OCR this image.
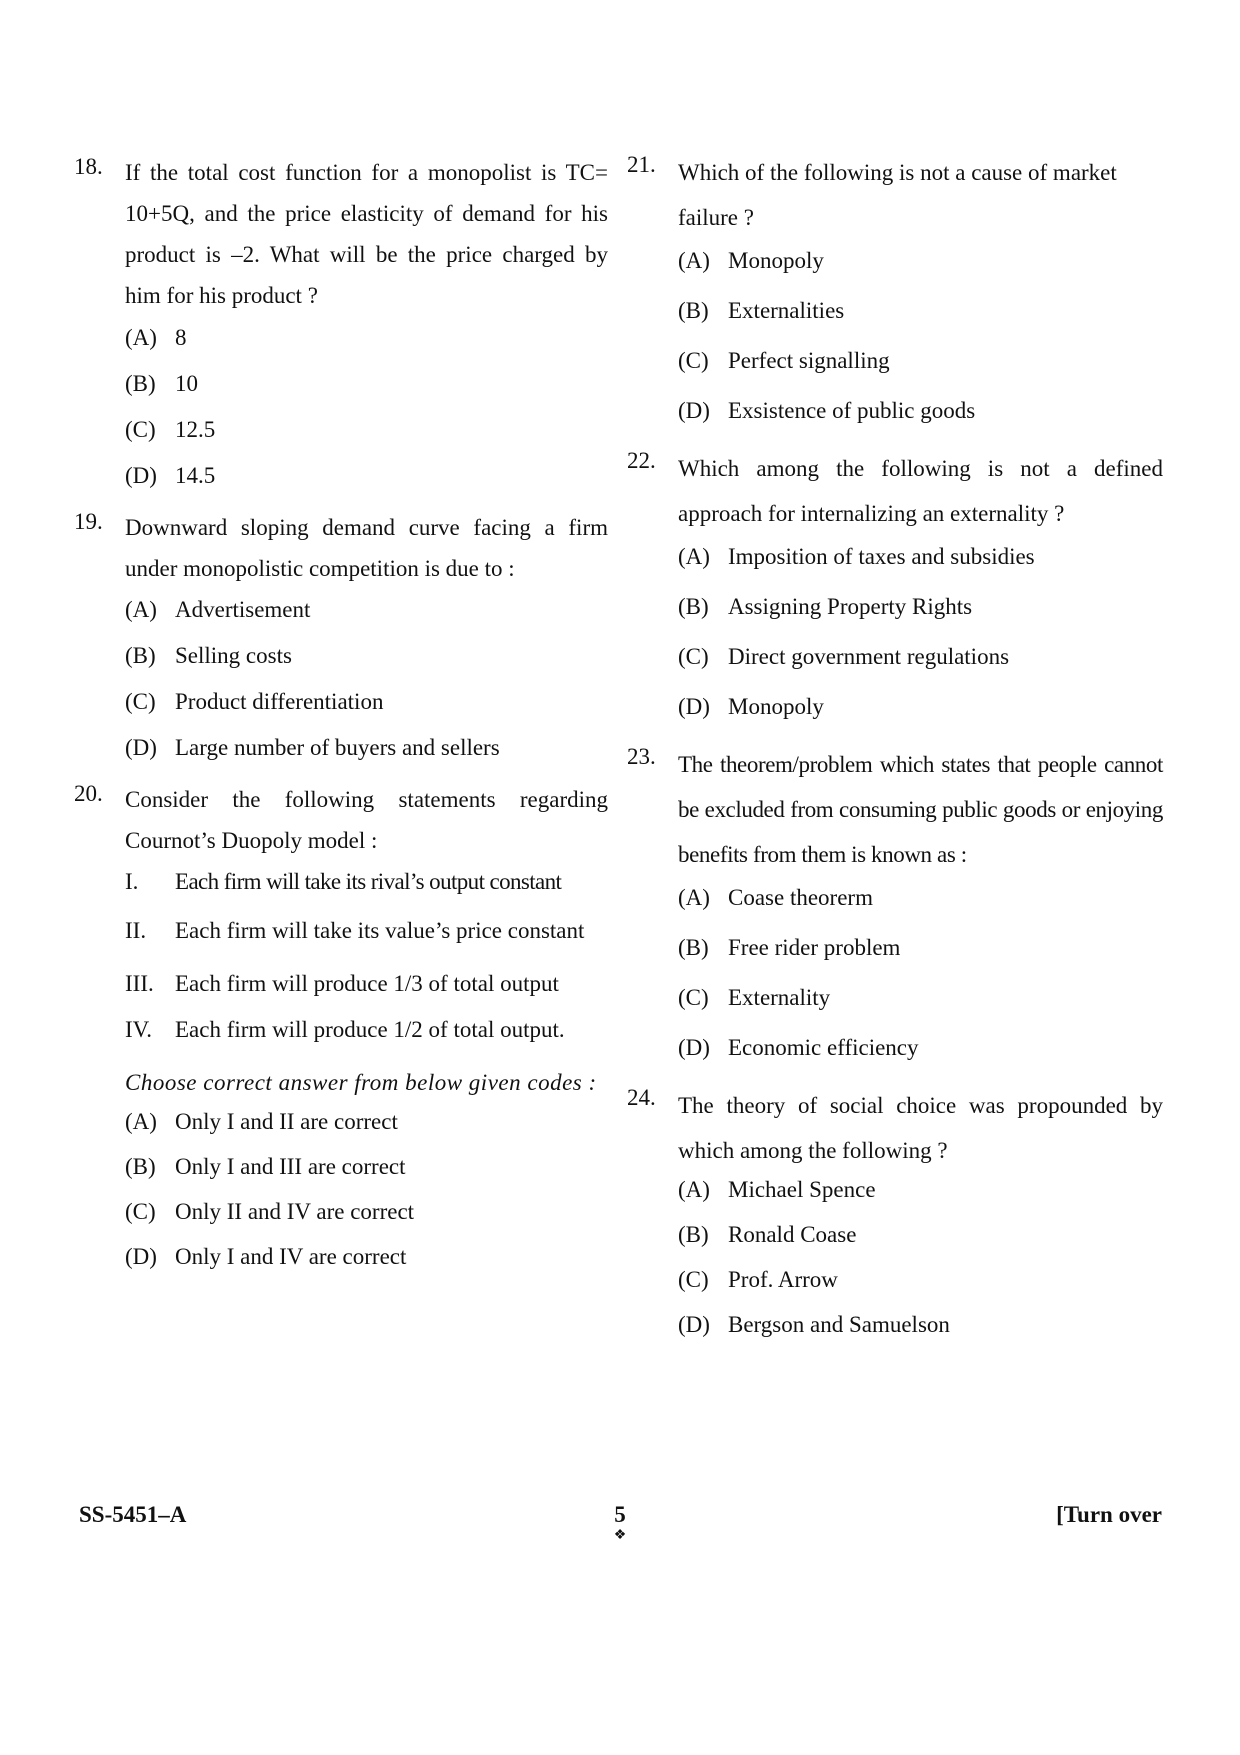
18. If the total cost function for a monopolist is TC= 10+5Q, and the price elasticity of demand for his product is –2. What will be the price charged by him for his product ?

(A) 8
(B) 10
(C) 12.5
(D) 14.5
19. Downward sloping demand curve facing a firm under monopolistic competition is due to :

(A) Advertisement
(B) Selling costs
(C) Product differentiation
(D) Large number of buyers and sellers
20. Consider the following statements regarding Cournot’s Duopoly model :

I.	Each firm will take its rival’s output constant
II.	Each firm will take its value’s price constant
III. Each firm will produce 1/3 of total output
IV. Each firm will produce 1/2 of total output.

Choose correct answer from below given codes :

(A) Only I and II are correct
(B) Only I and III are correct
(C) Only II and IV are correct
(D) Only I and IV are correct
21. Which of the following is not a cause of market failure ?

(A) Monopoly
(B) Externalities
(C) Perfect signalling
(D) Exsistence of public goods
22. Which among the following is not a defined approach for internalizing an externality ?

(A) Imposition of taxes and subsidies
(B) Assigning Property Rights
(C) Direct government regulations
(D) Monopoly
23. The theorem/problem which states that people cannot be excluded from consuming public goods or enjoying benefits from them is known as :

(A) Coase theorerm
(B) Free rider problem
(C) Externality
(D) Economic efficiency
24. The theory of social choice was propounded by which among the following ?

(A) Michael Spence
(B) Ronald Coase
(C) Prof. Arrow
(D) Bergson and Samuelson
SS-5451–A	5
❖
[Turn over
